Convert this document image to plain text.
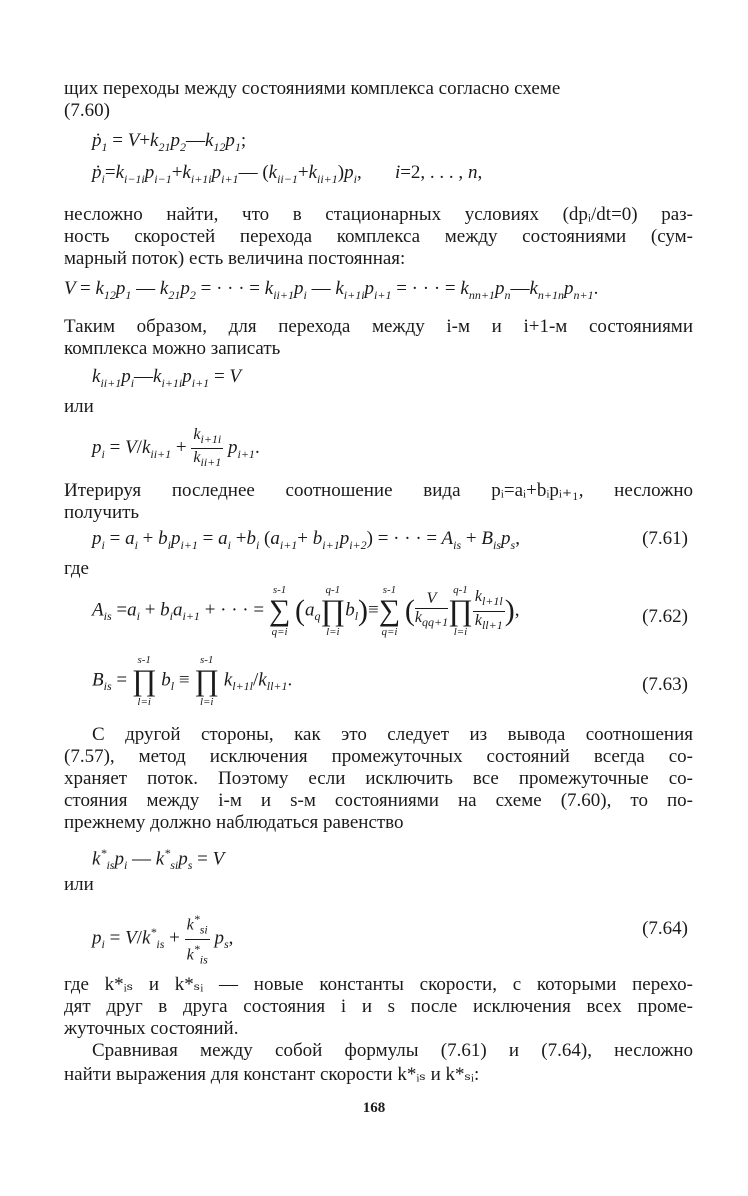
щих переходы между состояниями комплекса согласно схеме
(7.60)
ṗ$_1$ = $V+k_{21}p_2—k_{12}p_1$;
$ṗ_i=k_{i-1i}p_{i-1}+k_{i+1i}p_{i+1}—$ $(k_{ii-1}+k_{ii+1})p_i$,       i=2, . . . , n,
несложно найти, что в стационарных условиях (dpᵢ/dt=0) раз-
ность скоростей перехода комплекса между состояниями (сум-
марный поток) есть величина постоянная:
$V = k_{12}p_1$ — $k_{21}p_2$ = · · · = $k_{ii+1}p_i$ — $k_{i+1i}p_{i+1}$ = · · · = $k_{nn+1}p_n—k_{n+1n}p_{n+1}$.
Таким образом, для перехода между i-м и i+1-м состояниями
комплекса можно записать
$k_{ii+1}p_i—k_{i+1i}p_{i+1} = V$
или
$p_i = V/k_{ii+1} + \frac{k_{i+1i}}{k_{ii+1}} p_{i+1}$.
Итерируя последнее соотношение вида pᵢ=aᵢ+bᵢpᵢ₊₁, несложно
получить
$p_i = a_i + b_ip_{i+1} = a_i +b_i$ $(a_{i+1}+ b_{i+1}p_{i+2})$ = · · · = $A_{is} + B_{is}p_s$,	(7.61)
где
$A_{is} =a_i + b_ia_{i+1}$ + · · · = s-1
∑
q=i ($a_qq-1$
∏
$l=ib_l)\equiv s-1$
∑
q=i ( $\frac{V}{k_{qq+1}}$
q-1
∏
$l=i \frac{k_{l+1l}}{k_{ll+1}}$ ),	(7.62)
$B_{is} = s-1$
∏
l=i $b_l \equiv s-1$
∏
l=i $k_{l+1l}/k_{ll+1}$.	(7.63)
С другой стороны, как это следует из вывода соотношения
(7.57), метод исключения промежуточных состояний всегда со-
храняет поток. Поэтому если исключить все промежуточные со-
стояния между i-м и s-м состояниями на схеме (7.60), то по-
прежнему должно наблюдаться равенство
$k^*_{is}p_i$ — $k^*_{si}p_s = V$
или
$p_i = V/k^*_{is} + \frac{k^*_{si}}{k^*_{is}} p_s$,	(7.64)
где k*ᵢₛ и k*ₛᵢ — новые константы скорости, с которыми перехо-
дят друг в друга состояния i и s после исключения всех проме-
жуточных состояний.
Сравнивая между собой формулы (7.61) и (7.64), несложно
найти выражения для констант скорости k*ᵢₛ и k*ₛᵢ:
168
